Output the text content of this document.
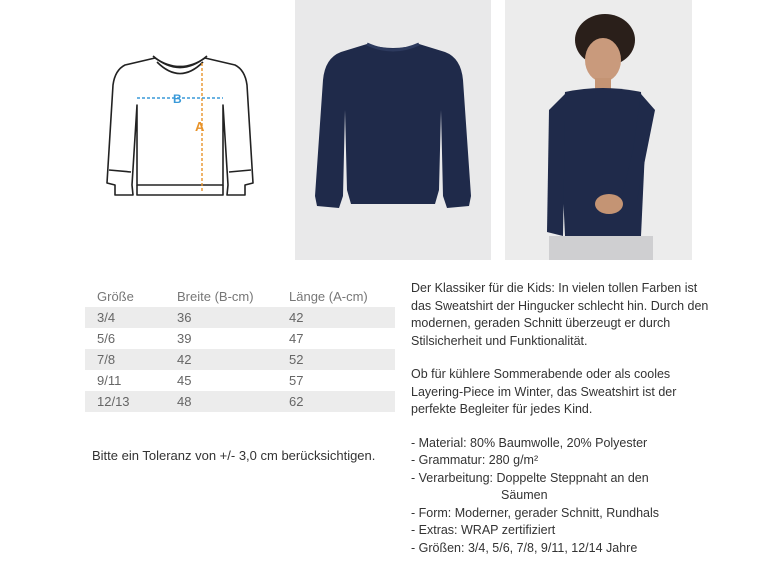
A
B
Größe	Breite (B-cm)	Länge (A-cm)
3/4	36	42
5/6	39	47
7/8	42	52
9/11	45	57
12/13	48	62
Bitte ein Toleranz von +/- 3,0 cm berücksichtigen.

Der Klassiker für die Kids: In vielen tollen Farben ist das Sweatshirt der Hingucker schlecht hin. Durch den modernen, geraden Schnitt überzeugt er durch Stilsicherheit und Funktionalität.

Ob für kühlere Sommerabende oder als cooles Layering-Piece im Winter, das Sweatshirt ist der perfekte Begleiter für jedes Kind.

- Material: 80% Baumwolle, 20% Polyester
- Grammatur: 280 g/m²
- Verarbeitung: Doppelte Steppnaht an den
Säumen
- Form: Moderner, gerader Schnitt, Rundhals
- Extras: WRAP zertifiziert
- Größen: 3/4, 5/6, 7/8, 9/11, 12/14 Jahre
